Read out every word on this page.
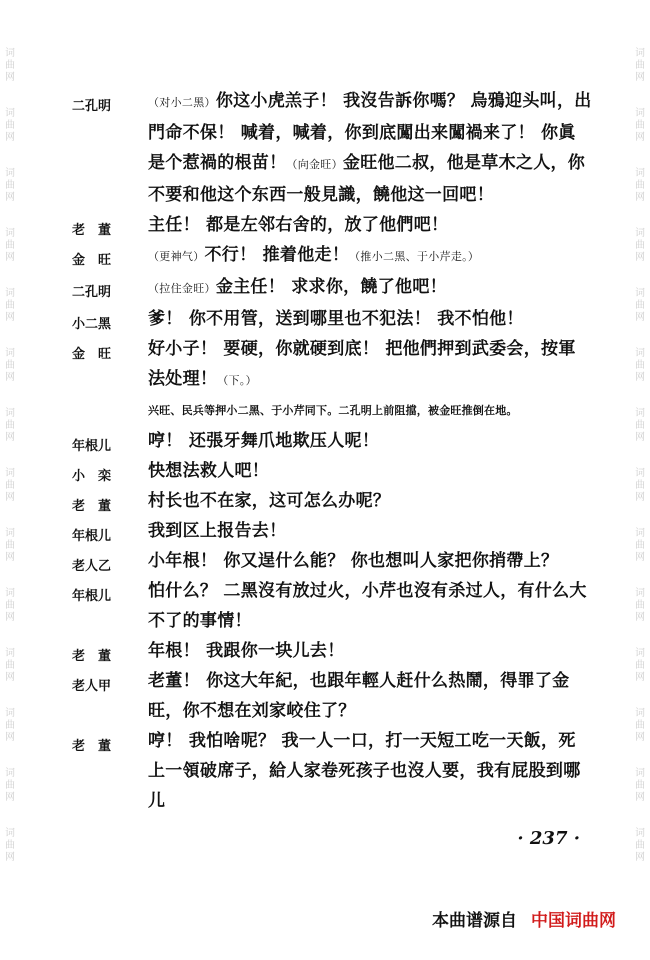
词
曲
网
词
曲
网
词
曲
网
词
曲
网
词
曲
网
词
曲
网
词
曲
网
词
曲
网
词
曲
网
词
曲
网
词
曲
网
词
曲
网
词
曲
网
词
曲
网
词
曲
网
词
曲
网
词
曲
网
词
曲
网
词
曲
网
词
曲
网
词
曲
网
词
曲
网
词
曲
网
词
曲
网
词
曲
网
词
曲
网
词
曲
网
词
曲
网
二孔明	（对小二黑）你这小虎羔子！ 我沒告訴你嗎？ 烏鴉迎头叫，出門命不保！ 喊着，喊着，你到底闖出来闖禍来了！ 你眞是个惹禍的根苗！（向金旺）金旺他二叔，他是草木之人，你不要和他这个东西一般見識，饒他这一回吧！
老　董	主任！ 都是左邻右舍的，放了他們吧！
金　旺	（更神气）不行！ 推着他走！（推小二黑、于小芹走。）
二孔明	（拉住金旺）金主任！ 求求你，饒了他吧！
小二黑	爹！ 你不用管，送到哪里也不犯法！ 我不怕他！
金　旺	好小子！ 要硬，你就硬到底！ 把他們押到武委会，按軍法处理！（下。）
兴旺、民兵等押小二黑、于小芹同下。二孔明上前阻擋，被金旺推倒在地。
年根儿	哼！ 还張牙舞爪地欺压人呢！
小　栾	快想法救人吧！
老　董	村长也不在家，这可怎么办呢？
年根儿	我到区上报告去！
老人乙	小年根！ 你又逞什么能？ 你也想叫人家把你捎帶上？
年根儿	怕什么？ 二黑沒有放过火，小芹也沒有杀过人，有什么大不了的事情！
老　董	年根！ 我跟你一块儿去！
老人甲	老董！ 你这大年紀，也跟年輕人赶什么热鬧，得罪了金旺，你不想在刘家峧住了？
老　董	哼！ 我怕啥呢？ 我一人一口，打一天短工吃一天飯，死上一領破席子，給人家卷死孩子也沒人要，我有屁股到哪儿
· 237 ·
本曲谱源自 中国词曲网
